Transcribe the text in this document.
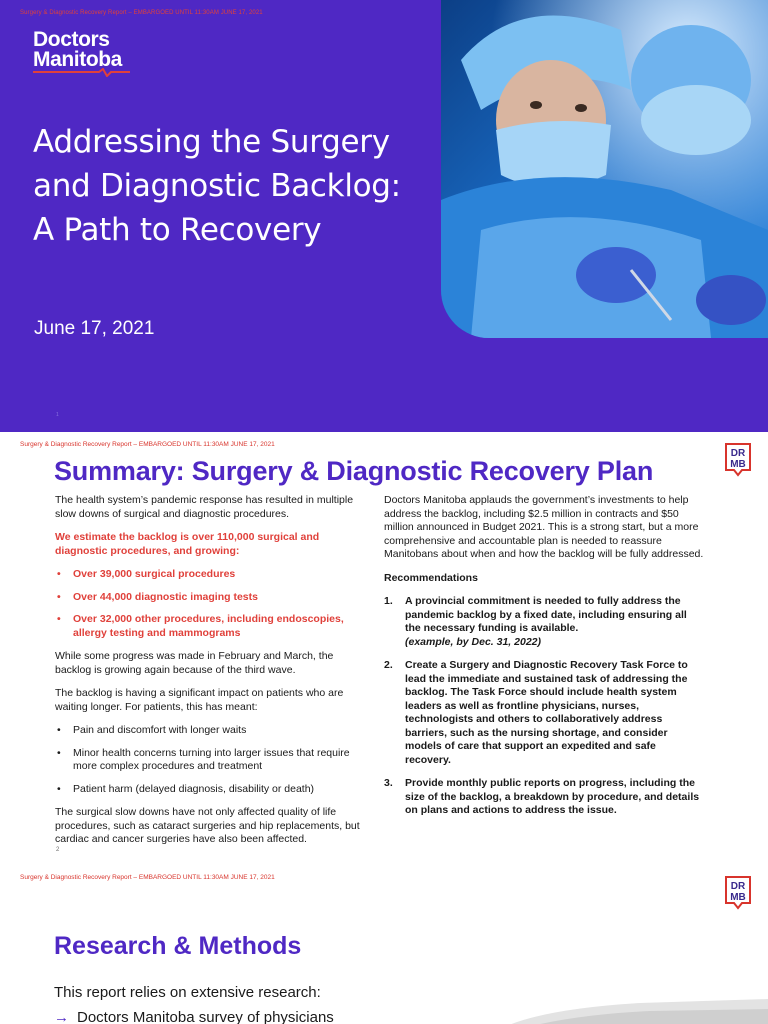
Surgery & Diagnostic Recovery Report – EMBARGOED UNTIL 11:30AM JUNE 17, 2021
Doctors
Manitoba
Addressing the Surgery
and Diagnostic Backlog:
A Path to Recovery
June 17, 2021
1
Surgery & Diagnostic Recovery Report – EMBARGOED UNTIL 11:30AM JUNE 17, 2021
DR
MB
Summary: Surgery & Diagnostic Recovery Plan

The health system’s pandemic response has resulted in multiple slow downs of surgical and diagnostic procedures.

We estimate the backlog is over 110,000 surgical and diagnostic procedures, and growing:

• Over 39,000 surgical procedures
• Over 44,000 diagnostic imaging tests
• Over 32,000 other procedures, including endoscopies, allergy testing and mammograms

While some progress was made in February and March, the backlog is growing again because of the third wave.

The backlog is having a significant impact on patients who are waiting longer. For patients, this has meant:

• Pain and discomfort with longer waits
• Minor health concerns turning into larger issues that require more complex procedures and treatment
• Patient harm (delayed diagnosis, disability or death)

The surgical slow downs have not only affected quality of life procedures, such as cataract surgeries and hip replacements, but cardiac and cancer surgeries have also been affected.

Doctors Manitoba applauds the government’s investments to help address the backlog, including $2.5 million in contracts and $50 million announced in Budget 2021. This is a strong start, but a more comprehensive and accountable plan is needed to reassure Manitobans about when and how the backlog will be fully addressed.

Recommendations

1. A provincial commitment is needed to fully address the pandemic backlog by a fixed date, including ensuring all the necessary funding is available.
(example, by Dec. 31, 2022)
2. Create a Surgery and Diagnostic Recovery Task Force to lead the immediate and sustained task of addressing the backlog. The Task Force should include health system leaders as well as frontline physicians, nurses, technologists and others to collaboratively address barriers, such as the nursing shortage, and consider models of care that support an expedited and safe recovery.
3. Provide monthly public reports on progress, including the size of the backlog, a breakdown by procedure, and details on plans and actions to address the issue.
2
Surgery & Diagnostic Recovery Report – EMBARGOED UNTIL 11:30AM JUNE 17, 2021
DR
MB
Research & Methods
This report relies on extensive research:
→ Doctors Manitoba survey of physicians
